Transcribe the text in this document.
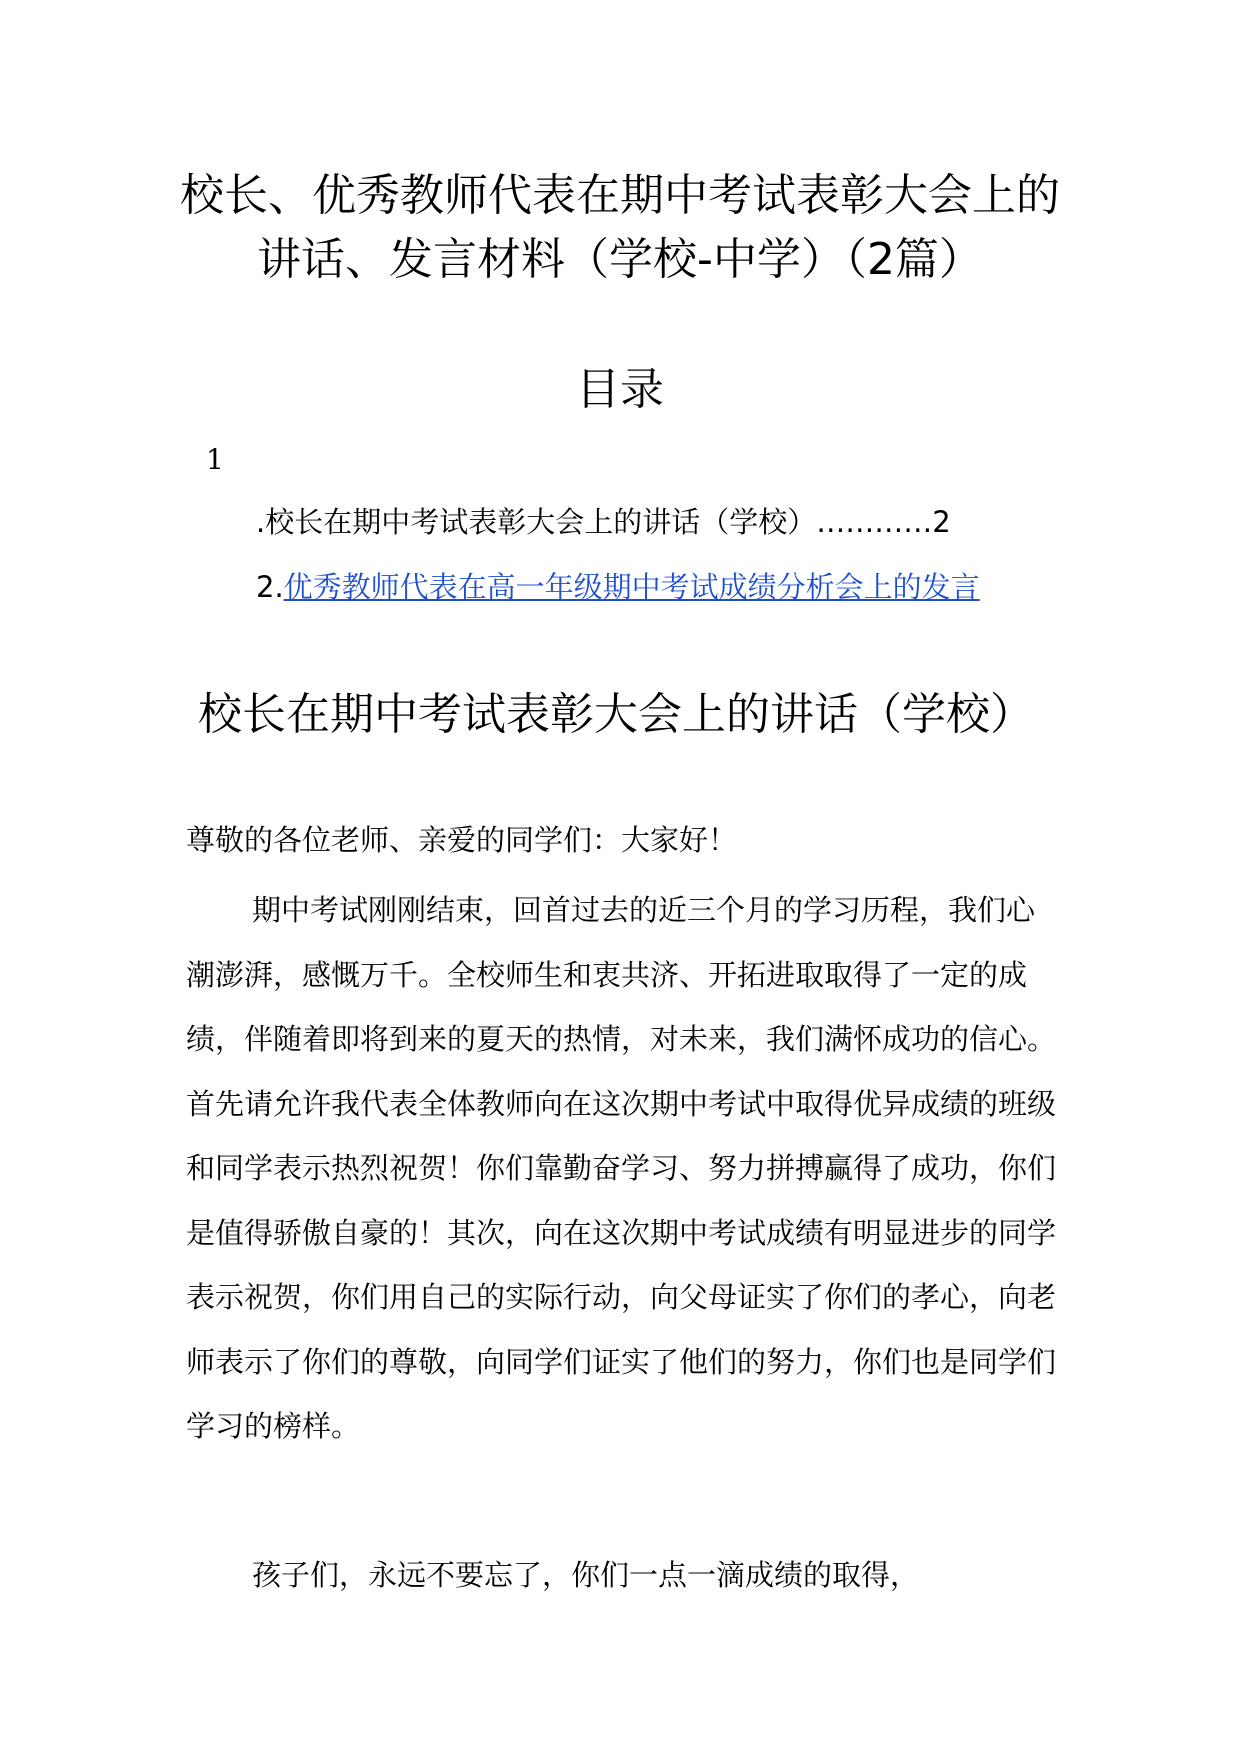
校长、优秀教师代表在期中考试表彰大会上的讲话、发言材料（学校-中学）（2篇）
目录
1
.校长在期中考试表彰大会上的讲话（学校）…………2
2.优秀教师代表在高一年级期中考试成绩分析会上的发言
校长在期中考试表彰大会上的讲话（学校）
尊敬的各位老师、亲爱的同学们：大家好！

期中考试刚刚结束，回首过去的近三个月的学习历程，我们心潮澎湃，感慨万千。全校师生和衷共济、开拓进取取得了一定的成绩，伴随着即将到来的夏天的热情，对未来，我们满怀成功的信心。首先请允许我代表全体教师向在这次期中考试中取得优异成绩的班级和同学表示热烈祝贺！你们靠勤奋学习、努力拼搏赢得了成功，你们是值得骄傲自豪的！其次，向在这次期中考试成绩有明显进步的同学表示祝贺，你们用自己的实际行动，向父母证实了你们的孝心，向老师表示了你们的尊敬，向同学们证实了他们的努力，你们也是同学们学习的榜样。

孩子们，永远不要忘了，你们一点一滴成绩的取得，
